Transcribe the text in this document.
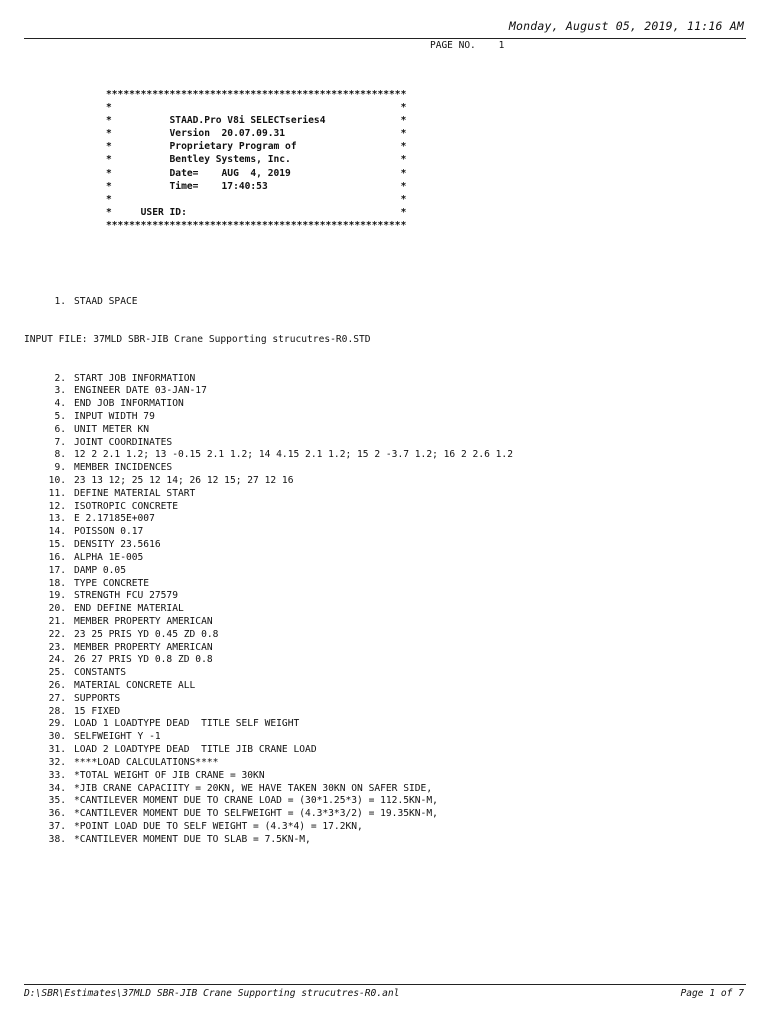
Monday, August 05, 2019, 11:16 AM
PAGE NO. 1
****************************************************
*                                                  *
*          STAAD.Pro V8i SELECTseries4             *
*          Version  20.07.09.31                    *
*          Proprietary Program of                  *
*          Bentley Systems, Inc.                   *
*          Date=    AUG  4, 2019                   *
*          Time=    17:40:53                       *
*                                                  *
*     USER ID:                                     *
****************************************************

1. STAAD SPACE

INPUT FILE: 37MLD SBR-JIB Crane Supporting strucutres-R0.STD

2. START JOB INFORMATION
3. ENGINEER DATE 03-JAN-17
4. END JOB INFORMATION
5. INPUT WIDTH 79
6. UNIT METER KN
7. JOINT COORDINATES
8. 12 2 2.1 1.2; 13 -0.15 2.1 1.2; 14 4.15 2.1 1.2; 15 2 -3.7 1.2; 16 2 2.6 1.2
9. MEMBER INCIDENCES
10. 23 13 12; 25 12 14; 26 12 15; 27 12 16
11. DEFINE MATERIAL START
12. ISOTROPIC CONCRETE
13. E 2.17185E+007
14. POISSON 0.17
15. DENSITY 23.5616
16. ALPHA 1E-005
17. DAMP 0.05
18. TYPE CONCRETE
19. STRENGTH FCU 27579
20. END DEFINE MATERIAL
21. MEMBER PROPERTY AMERICAN
22. 23 25 PRIS YD 0.45 ZD 0.8
23. MEMBER PROPERTY AMERICAN
24. 26 27 PRIS YD 0.8 ZD 0.8
25. CONSTANTS
26. MATERIAL CONCRETE ALL
27. SUPPORTS
28. 15 FIXED
29. LOAD 1 LOADTYPE DEAD  TITLE SELF WEIGHT
30. SELFWEIGHT Y -1
31. LOAD 2 LOADTYPE DEAD  TITLE JIB CRANE LOAD
32. ****LOAD CALCULATIONS****
33. *TOTAL WEIGHT OF JIB CRANE = 30KN
34. *JIB CRANE CAPACIITY = 20KN, WE HAVE TAKEN 30KN ON SAFER SIDE,
35. *CANTILEVER MOMENT DUE TO CRANE LOAD = (30*1.25*3) = 112.5KN-M,
36. *CANTILEVER MOMENT DUE TO SELFWEIGHT = (4.3*3*3/2) = 19.35KN-M,
37. *POINT LOAD DUE TO SELF WEIGHT = (4.3*4) = 17.2KN,
38. *CANTILEVER MOMENT DUE TO SLAB = 7.5KN-M,

D:\SBR\Estimates\37MLD SBR-JIB Crane Supporting strucutres-R0.anl	Page 1 of 7
